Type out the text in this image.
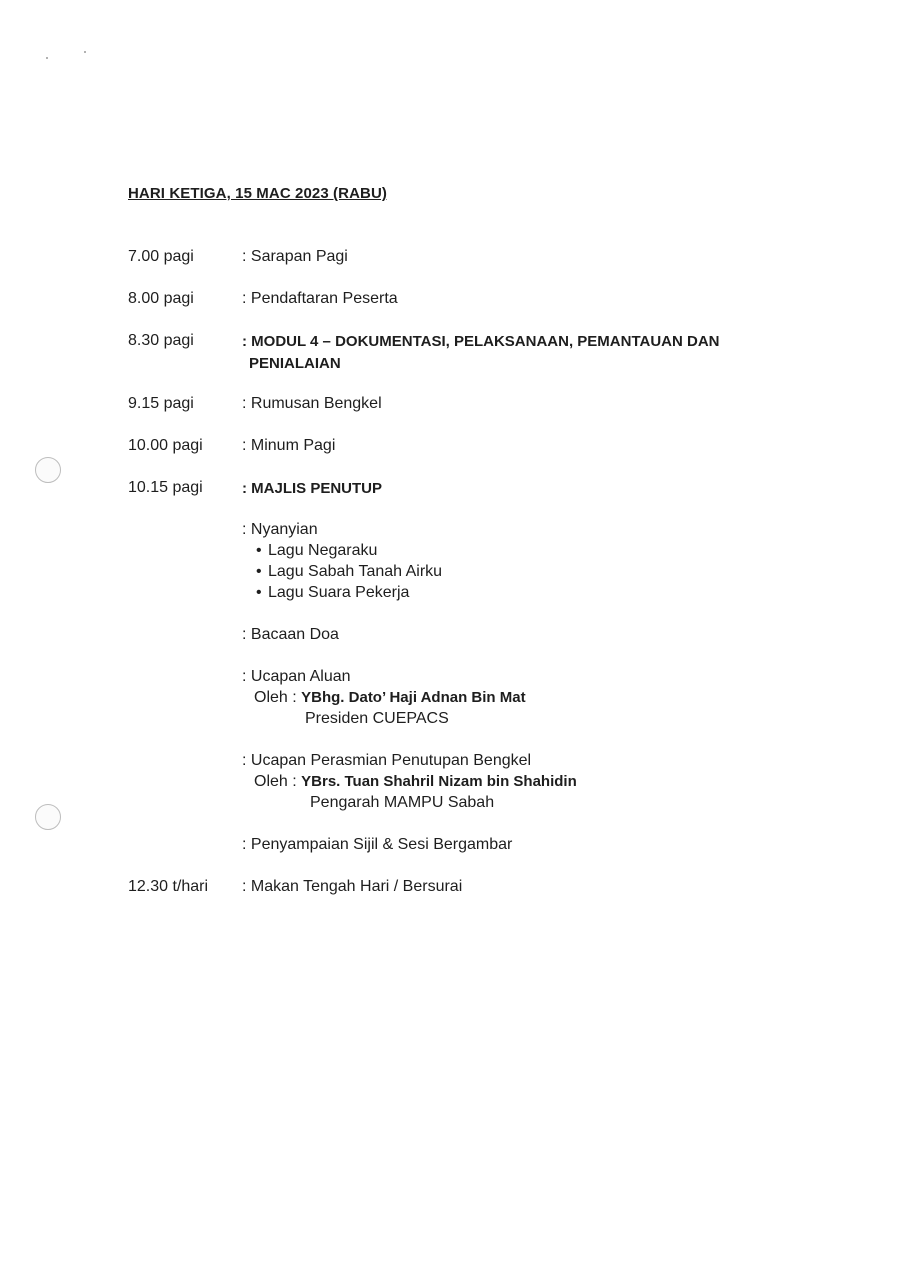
HARI KETIGA, 15 MAC 2023 (RABU)
7.00 pagi	: Sarapan Pagi
8.00 pagi	: Pendaftaran Peserta
8.30 pagi	: MODUL 4 – DOKUMENTASI, PELAKSANAAN, PEMANTAUAN DAN
PENIALAIAN
9.15 pagi	: Rumusan Bengkel
10.00 pagi : Minum Pagi
10.15 pagi	: MAJLIS PENUTUP
: Nyanyian
• Lagu Negaraku
• Lagu Sabah Tanah Airku
• Lagu Suara Pekerja
: Bacaan Doa
: Ucapan Aluan
Oleh : YBhg. Dato’ Haji Adnan Bin Mat
Presiden CUEPACS
: Ucapan Perasmian Penutupan Bengkel
Oleh : YBrs. Tuan Shahril Nizam bin Shahidin
Pengarah MAMPU Sabah
: Penyampaian Sijil & Sesi Bergambar
12.30 t/hari : Makan Tengah Hari / Bersurai
